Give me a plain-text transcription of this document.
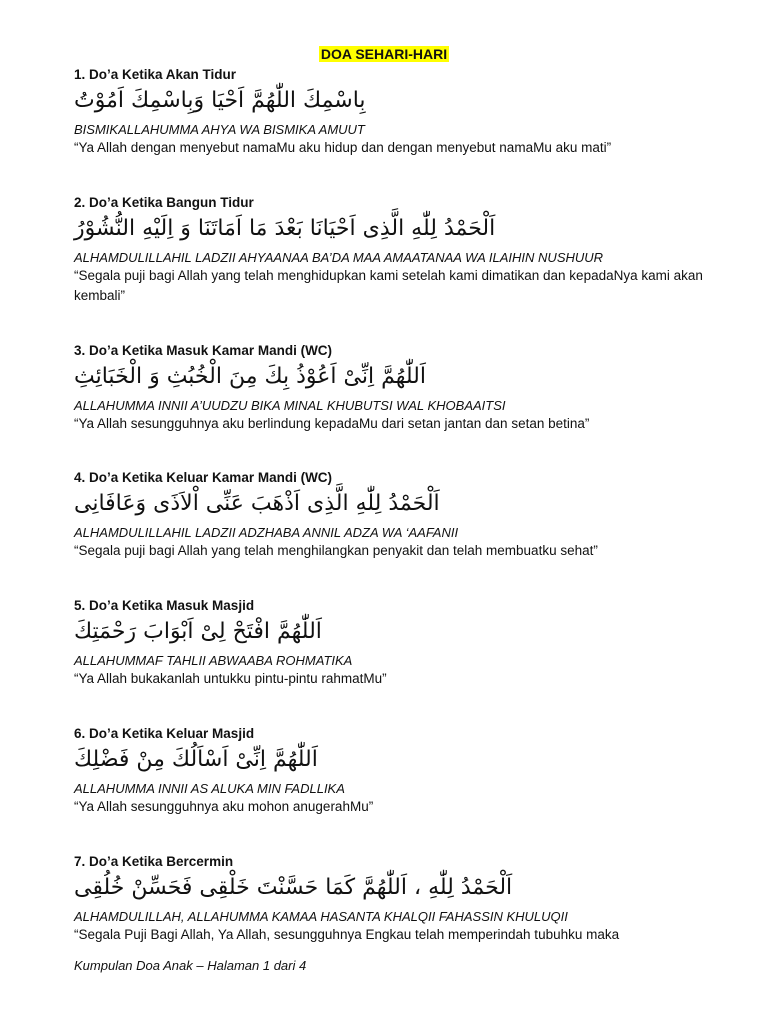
DOA SEHARI-HARI
1. Do’a Ketika Akan Tidur
بِاسْمِكَ اللّٰهُمَّ اَحْيَا وَبِاسْمِكَ اَمُوْتُ
BISMIKALLAHUMMA AHYA WA BISMIKA AMUUT
“Ya Allah dengan menyebut namaMu aku hidup dan dengan menyebut namaMu aku mati”
2. Do’a Ketika Bangun Tidur
اَلْحَمْدُ لِلّٰهِ الَّذِى اَحْيَانَا بَعْدَ مَا اَمَاتَنَا وَ اِلَيْهِ النُّشُوْرُ
ALHAMDULILLAHIL LADZII AHYAANAA BA’DA MAA AMAATANAA WA ILAIHIN NUSHUUR
“Segala puji bagi Allah yang telah menghidupkan kami setelah kami dimatikan dan kepadaNya kami akan kembali”
3. Do’a Ketika Masuk Kamar Mandi (WC)
اَللّٰهُمَّ اِنِّىْ اَعُوْذُ بِكَ مِنَ الْخُبُثِ وَ الْخَبَائِثِ
ALLAHUMMA INNII A’UUDZU BIKA MINAL KHUBUTSI WAL KHOBAAITSI
“Ya Allah sesungguhnya aku berlindung kepadaMu dari setan jantan dan setan betina”
4. Do’a Ketika Keluar Kamar Mandi (WC)
اَلْحَمْدُ لِلّٰهِ الَّذِى اَذْهَبَ عَنِّى اْلاَذَى وَعَافَانِى
ALHAMDULILLAHIL LADZII ADZHABA ANNIL ADZA WA ‘AAFANII
“Segala puji bagi Allah yang telah menghilangkan penyakit dan telah membuatku sehat”
5. Do’a Ketika Masuk Masjid
اَللّٰهُمَّ افْتَحْ لِىْ اَبْوَابَ رَحْمَتِكَ
ALLAHUMMAF TAHLII ABWAABA ROHMATIKA
“Ya Allah bukakanlah untukku pintu-pintu rahmatMu”
6. Do’a Ketika Keluar Masjid
اَللّٰهُمَّ اِنِّىْ اَسْاَلُكَ مِنْ فَضْلِكَ
ALLAHUMMA INNII AS ALUKA MIN FADLLIKA
“Ya Allah sesungguhnya aku mohon anugerahMu”
7. Do’a Ketika Bercermin
اَلْحَمْدُ لِلّٰهِ ، اَللّٰهُمَّ كَمَا حَسَّنْتَ خَلْقِى فَحَسِّنْ خُلُقِى
ALHAMDULILLAH, ALLAHUMMA KAMAA HASANTA KHALQII FAHASSIN KHULUQII
“Segala Puji Bagi Allah, Ya Allah, sesungguhnya Engkau telah memperindah tubuhku maka
Kumpulan Doa Anak – Halaman 1 dari 4
